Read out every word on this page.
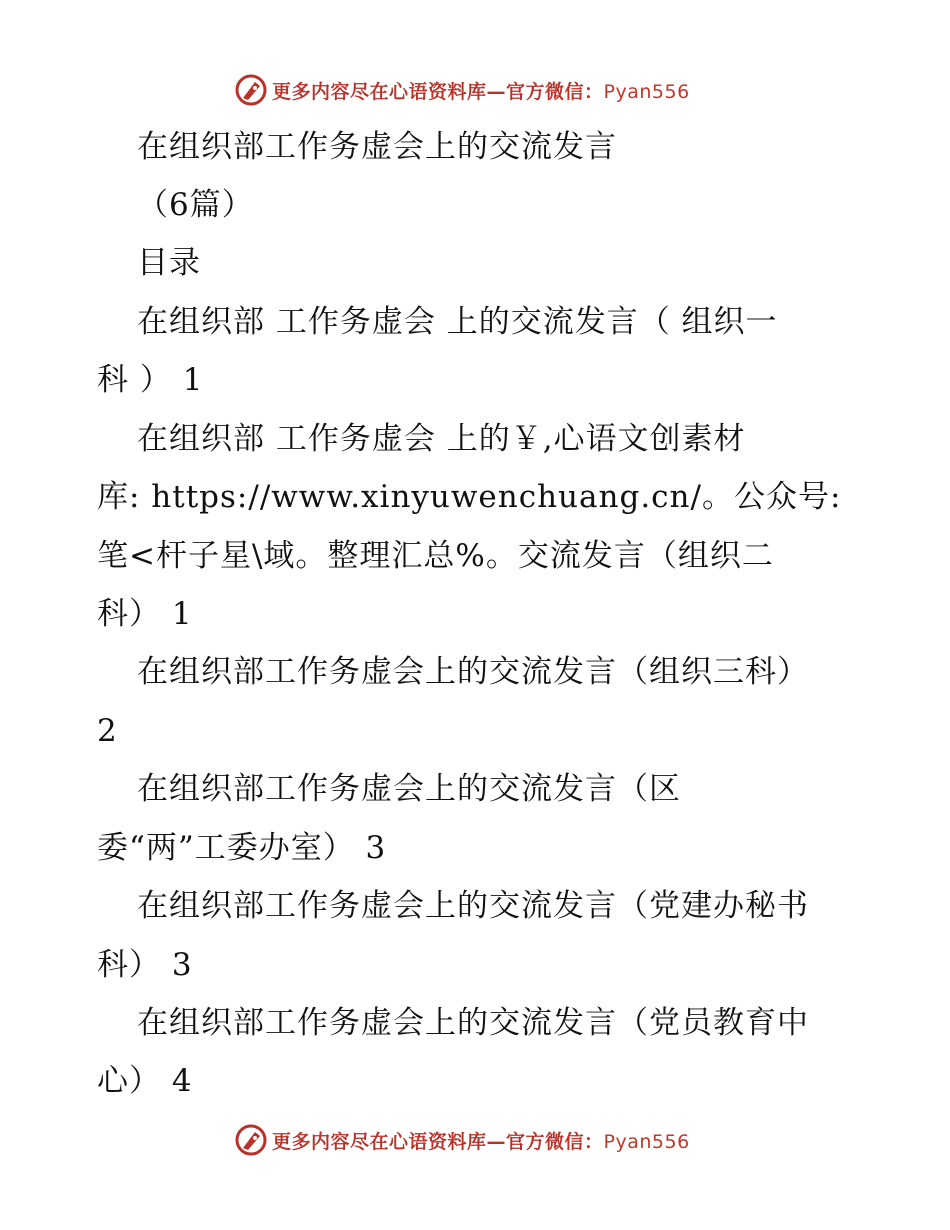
更多内容尽在心语资料库—官方微信：Pyan556
在组织部工作务虚会上的交流发言
（6篇）
目录
在组织部 工作务虚会 上的交流发言（ 组织一
科 ） 1
在组织部 工作务虚会 上的￥,心语文创素材
库: https://www.xinyuwenchuang.cn/。公众号:
笔<杆子星\域。整理汇总%。交流发言（组织二
科） 1
在组织部工作务虚会上的交流发言（组织三科）
2
在组织部工作务虚会上的交流发言（区
委“两”工委办室） 3
在组织部工作务虚会上的交流发言（党建办秘书
科） 3
在组织部工作务虚会上的交流发言（党员教育中
心） 4
更多内容尽在心语资料库—官方微信：Pyan556
